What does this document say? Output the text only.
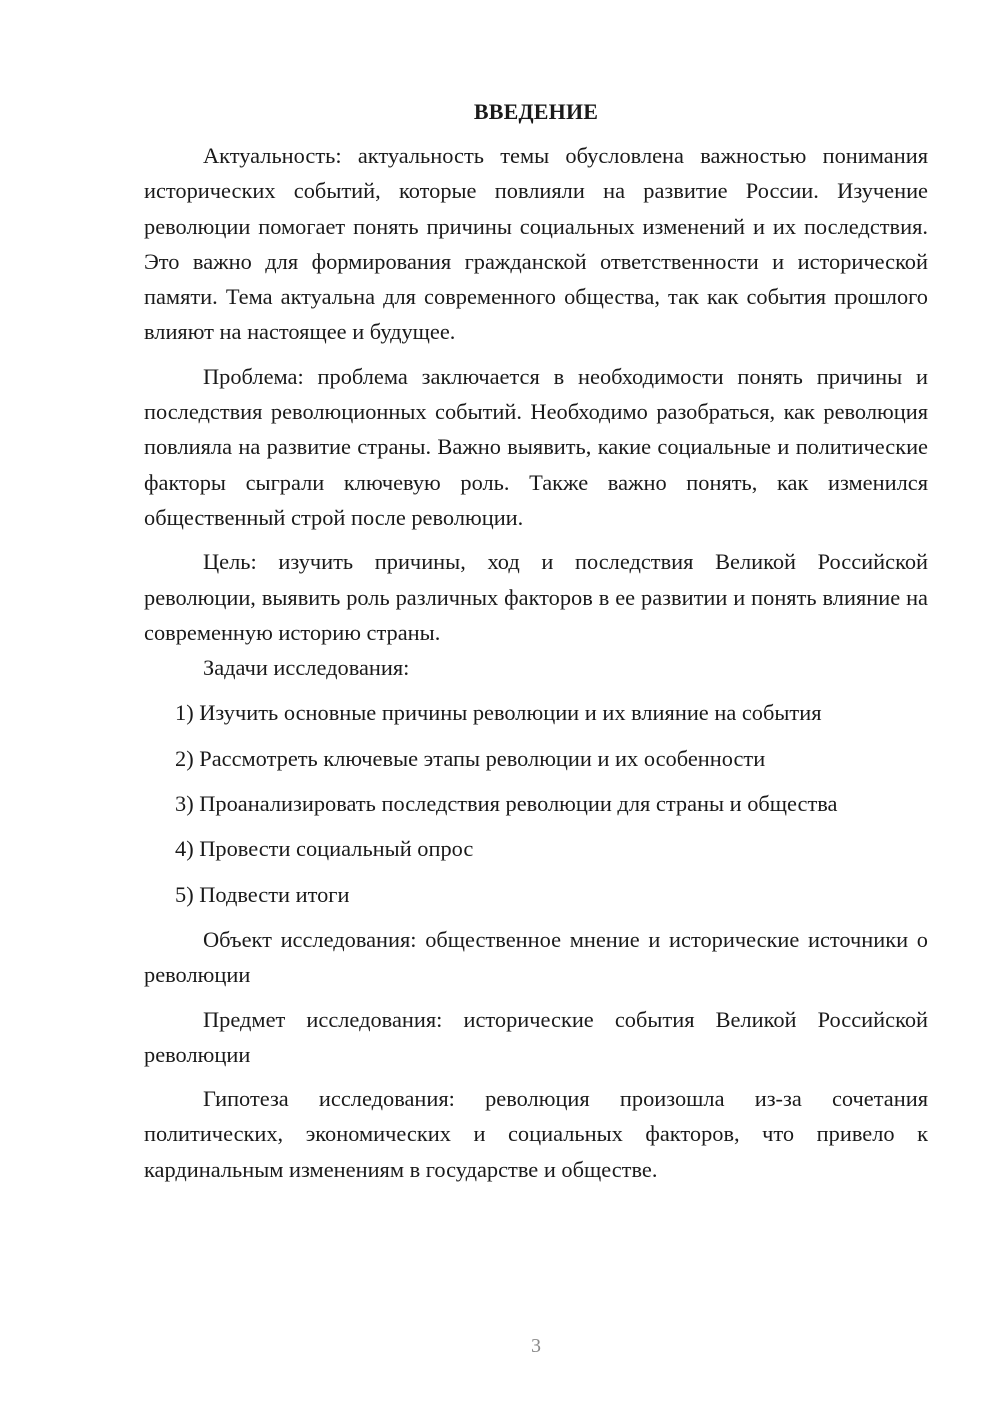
ВВЕДЕНИЕ

Актуальность: актуальность темы обусловлена важностью понимания исторических событий, которые повлияли на развитие России. Изучение революции помогает понять причины социальных изменений и их последствия. Это важно для формирования гражданской ответственности и исторической памяти. Тема актуальна для современного общества, так как события прошлого влияют на настоящее и будущее.

Проблема: проблема заключается в необходимости понять причины и последствия революционных событий. Необходимо разобраться, как революция повлияла на развитие страны. Важно выявить, какие социальные и политические факторы сыграли ключевую роль. Также важно понять, как изменился общественный строй после революции.

Цель: изучить причины, ход и последствия Великой Российской революции, выявить роль различных факторов в ее развитии и понять влияние на современную историю страны.

Задачи исследования:

1) Изучить основные причины революции и их влияние на события
2) Рассмотреть ключевые этапы революции и их особенности
3) Проанализировать последствия революции для страны и общества
4) Провести социальный опрос
5) Подвести итоги

Объект исследования: общественное мнение и исторические источники о революции

Предмет исследования: исторические события Великой Российской революции

Гипотеза исследования: революция произошла из-за сочетания политических, экономических и социальных факторов, что привело к кардинальным изменениям в государстве и обществе.

3
